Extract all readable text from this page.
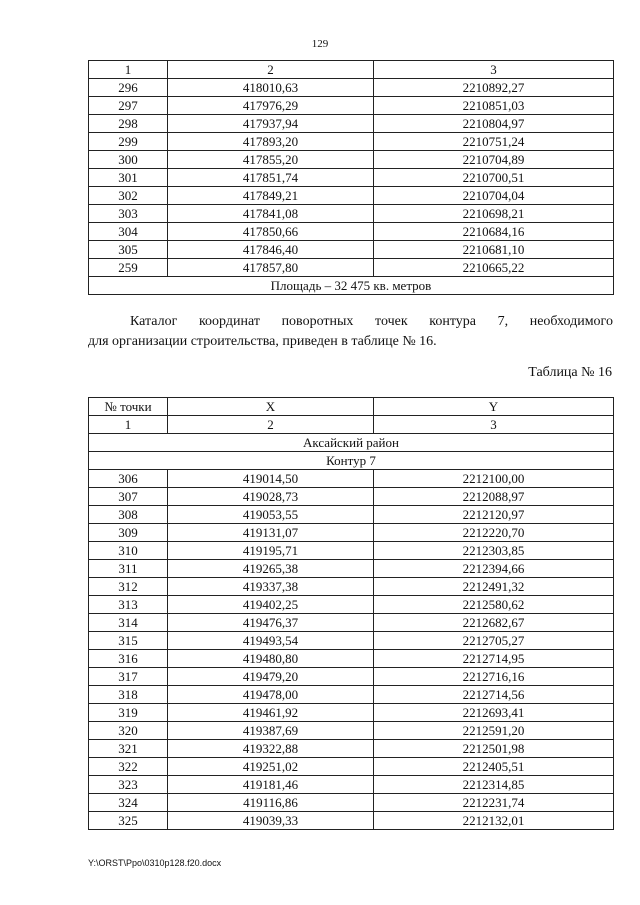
129
1	2	3
296	418010,63	2210892,27
297	417976,29	2210851,03
298	417937,94	2210804,97
299	417893,20	2210751,24
300	417855,20	2210704,89
301	417851,74	2210700,51
302	417849,21	2210704,04
303	417841,08	2210698,21
304	417850,66	2210684,16
305	417846,40	2210681,10
259	417857,80	2210665,22
Площадь – 32 475 кв. метров		
Каталог координат поворотных точек контура 7, необходимого
для организации строительства, приведен в таблице № 16.
Таблица № 16
№ точки	X	Y
1	2	3
Аксайский район		
Контур 7		
306	419014,50	2212100,00
307	419028,73	2212088,97
308	419053,55	2212120,97
309	419131,07	2212220,70
310	419195,71	2212303,85
311	419265,38	2212394,66
312	419337,38	2212491,32
313	419402,25	2212580,62
314	419476,37	2212682,67
315	419493,54	2212705,27
316	419480,80	2212714,95
317	419479,20	2212716,16
318	419478,00	2212714,56
319	419461,92	2212693,41
320	419387,69	2212591,20
321	419322,88	2212501,98
322	419251,02	2212405,51
323	419181,46	2212314,85
324	419116,86	2212231,74
325	419039,33	2212132,01
Y:\ORST\Ppo\0310p128.f20.docx
